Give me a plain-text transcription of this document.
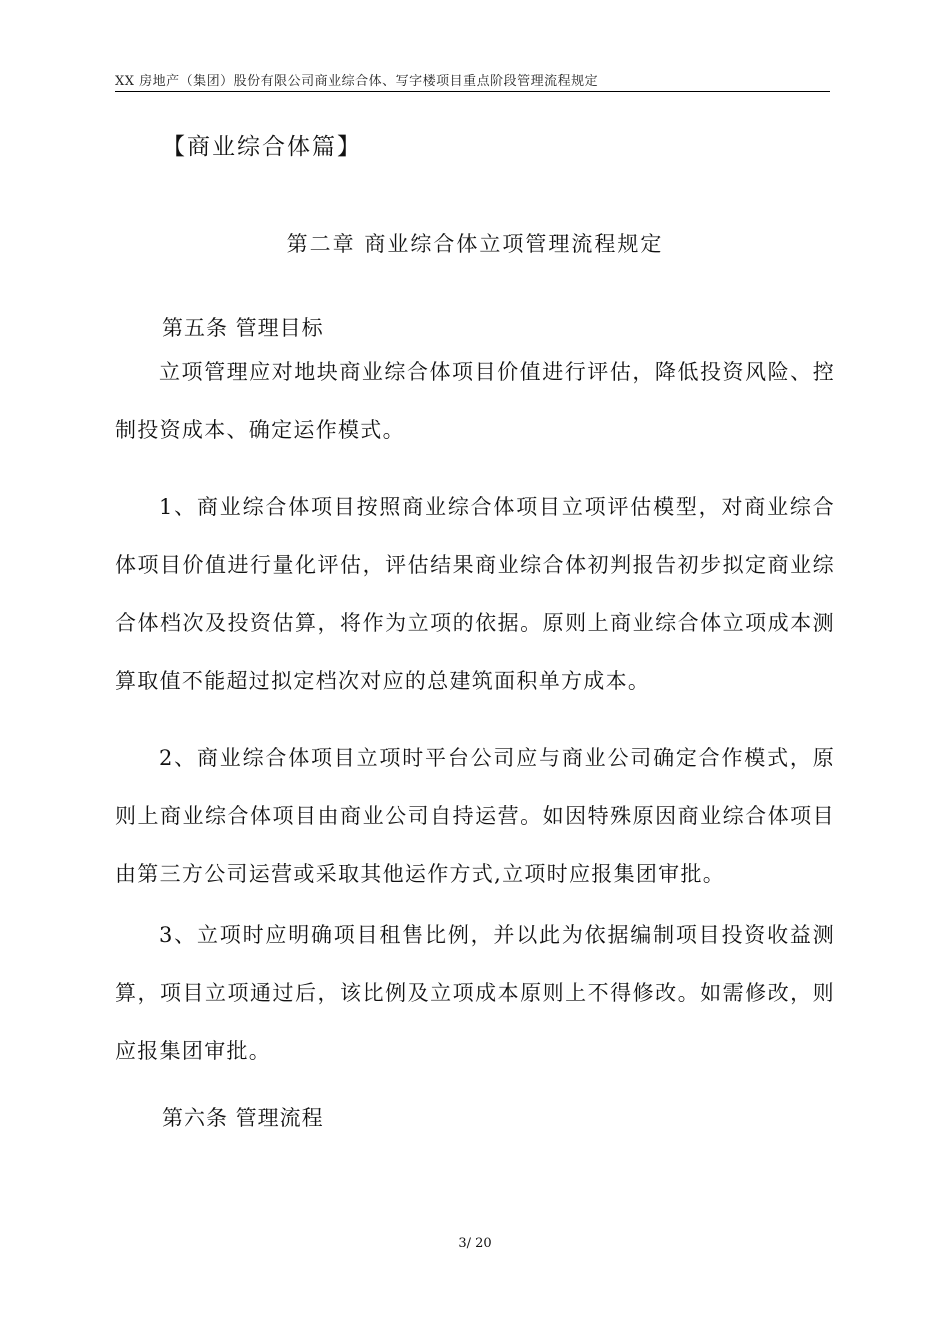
XX 房地产（集团）股份有限公司商业综合体、写字楼项目重点阶段管理流程规定
【商业综合体篇】
第二章 商业综合体立项管理流程规定
第五条 管理目标

立项管理应对地块商业综合体项目价值进行评估，降低投资风险、控制投资成本、确定运作模式。

1、商业综合体项目按照商业综合体项目立项评估模型，对商业综合体项目价值进行量化评估，评估结果商业综合体初判报告初步拟定商业综合体档次及投资估算，将作为立项的依据。原则上商业综合体立项成本测算取值不能超过拟定档次对应的总建筑面积单方成本。

2、商业综合体项目立项时平台公司应与商业公司确定合作模式，原则上商业综合体项目由商业公司自持运营。如因特殊原因商业综合体项目由第三方公司运营或采取其他运作方式,立项时应报集团审批。

3、立项时应明确项目租售比例，并以此为依据编制项目投资收益测算，项目立项通过后，该比例及立项成本原则上不得修改。如需修改，则应报集团审批。

第六条 管理流程
3/ 20
